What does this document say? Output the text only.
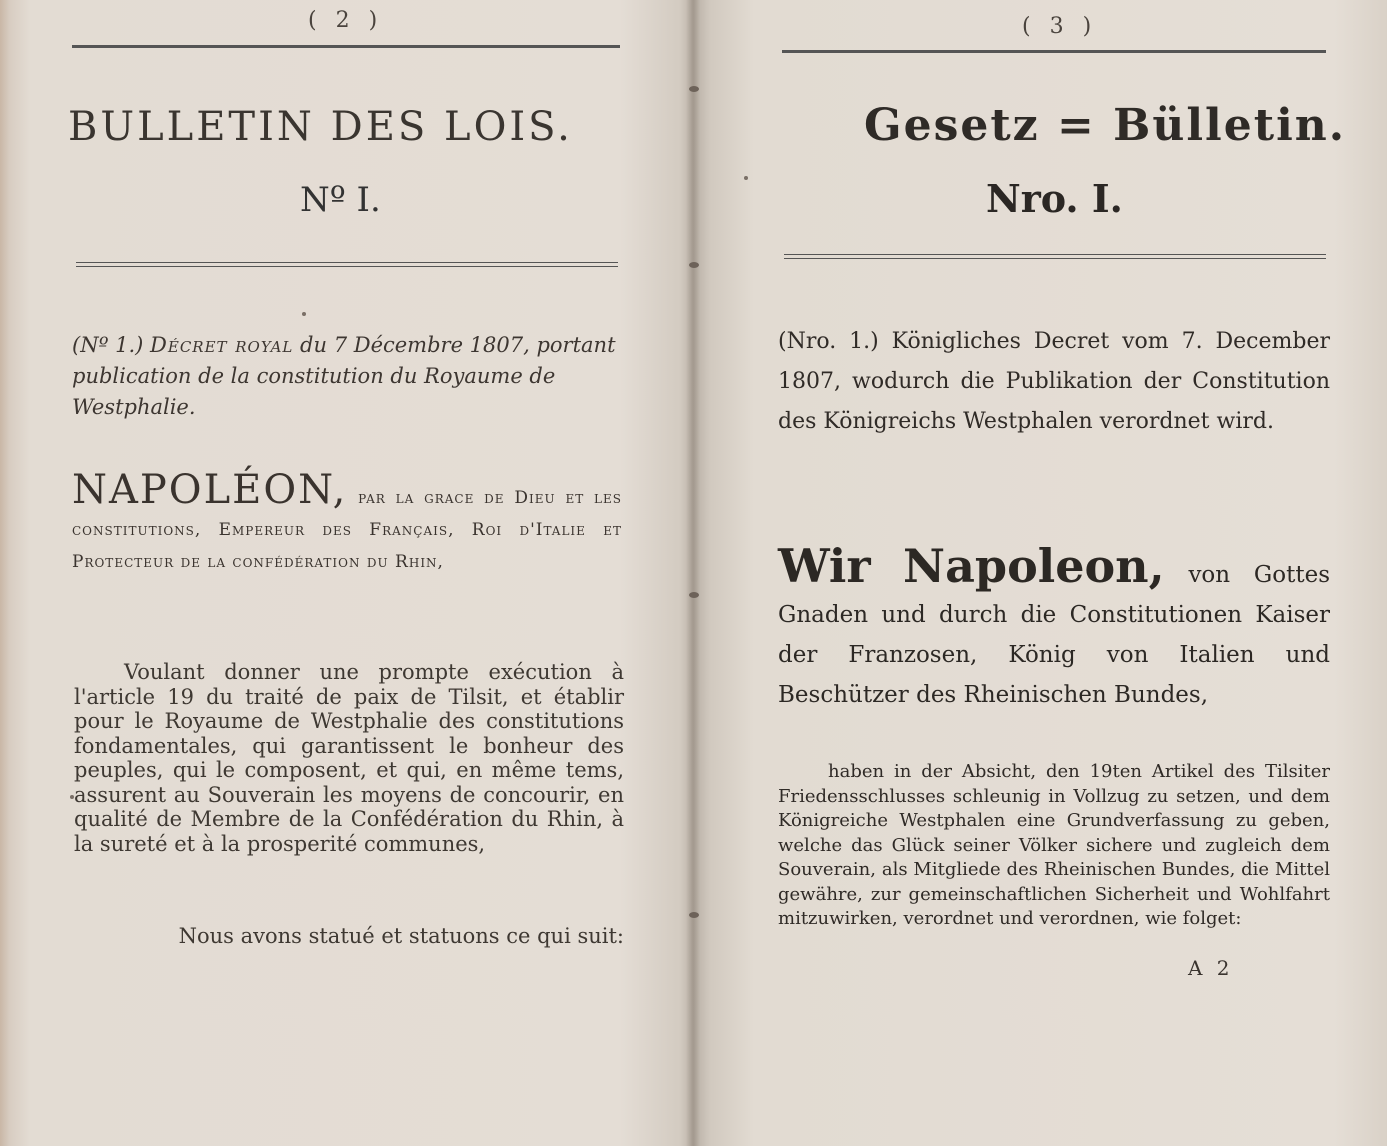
( 2 )
BULLETIN DES LOIS.
Nº I.

(Nº 1.) Décret royal du 7 Décembre 1807, portant publication de la constitution du Royaume de Westphalie.

NAPOLÉON, par la grace de Dieu et les constitutions, Empereur des Français, Roi d'Italie et Protecteur de la confédération du Rhin,

Voulant donner une prompte exécution à l'article 19 du traité de paix de Tilsit, et établir pour le Royaume de Westphalie des constitutions fondamentales, qui garantissent le bonheur des peuples, qui le composent, et qui, en même tems, assurent au Souverain les moyens de concourir, en qualité de Membre de la Confédération du Rhin, à la sureté et à la prosperité communes,

Nous avons statué et statuons ce qui suit:

( 3 )
Gesetz = Bülletin.
Nro. I.

(Nro. 1.) Königliches Decret vom 7. December 1807, wodurch die Publikation der Constitution des Königreichs Westphalen verordnet wird.

Wir Napoleon, von Gottes Gnaden und durch die Constitutionen Kaiser der Franzosen, König von Italien und Beschützer des Rheinischen Bundes,

haben in der Absicht, den 19ten Artikel des Tilsiter Friedensschlusses schleunig in Vollzug zu setzen, und dem Königreiche Westphalen eine Grundverfassung zu geben, welche das Glück seiner Völker sichere und zugleich dem Souverain, als Mitgliede des Rheinischen Bundes, die Mittel gewähre, zur gemeinschaftlichen Sicherheit und Wohlfahrt mitzuwirken, verordnet und verordnen, wie folget:

A 2
